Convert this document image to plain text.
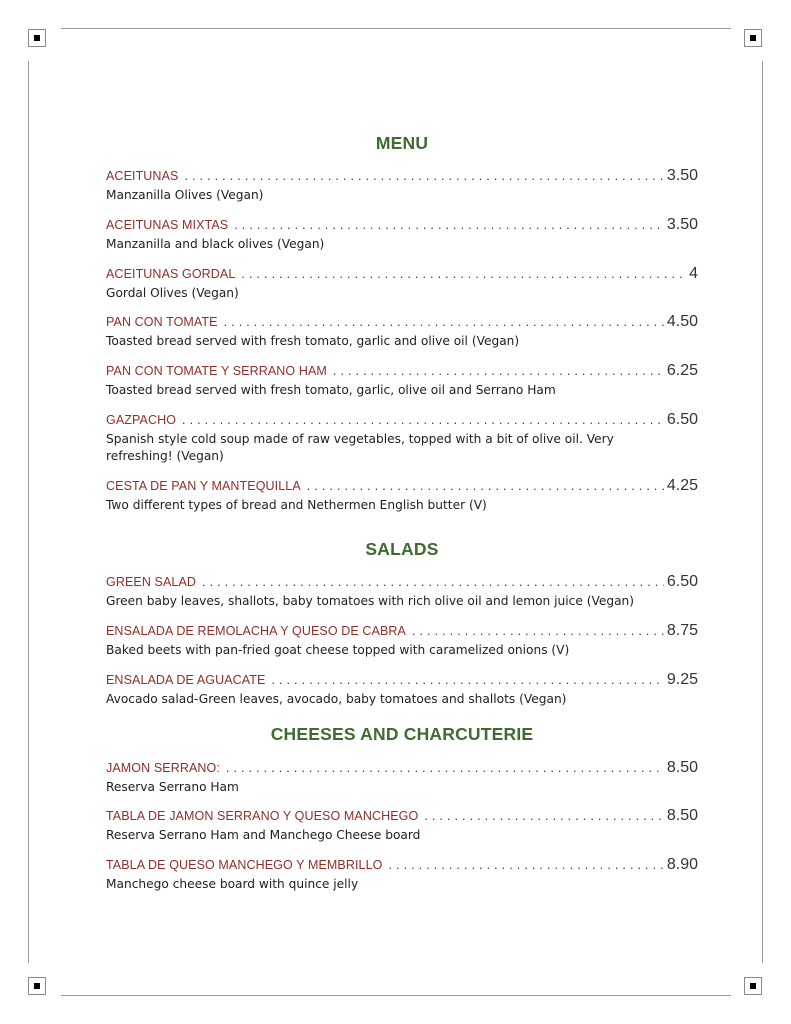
MENU
ACEITUNAS . . .	3.50
Manzanilla Olives (Vegan)
ACEITUNAS MIXTAS . . .	3.50
Manzanilla and black olives (Vegan)
ACEITUNAS GORDAL . . .	4
Gordal Olives (Vegan)
PAN CON TOMATE . . .	4.50
Toasted bread served with fresh tomato, garlic and olive oil (Vegan)
PAN CON TOMATE Y SERRANO HAM . . .	6.25
Toasted bread served with fresh tomato, garlic, olive oil and Serrano Ham
GAZPACHO . . .	6.50
Spanish style cold soup made of raw vegetables, topped with a bit of olive oil. Very refreshing! (Vegan)
CESTA DE PAN Y MANTEQUILLA . . .	4.25
Two different types of bread and Nethermen English butter (V)
SALADS
GREEN SALAD . . .	6.50
Green baby leaves, shallots, baby tomatoes with rich olive oil and lemon juice (Vegan)
ENSALADA DE REMOLACHA Y QUESO DE CABRA . . .	8.75
Baked beets with pan-fried goat cheese topped with caramelized onions (V)
ENSALADA DE AGUACATE . . .	9.25
Avocado salad-Green leaves, avocado, baby tomatoes and shallots (Vegan)
CHEESES AND CHARCUTERIE
JAMON SERRANO: . . .	8.50
Reserva Serrano Ham
TABLA DE JAMON SERRANO Y QUESO MANCHEGO . . .	8.50
Reserva Serrano Ham and Manchego Cheese board
TABLA DE QUESO MANCHEGO Y MEMBRILLO . . .	8.90
Manchego cheese board with quince jelly
